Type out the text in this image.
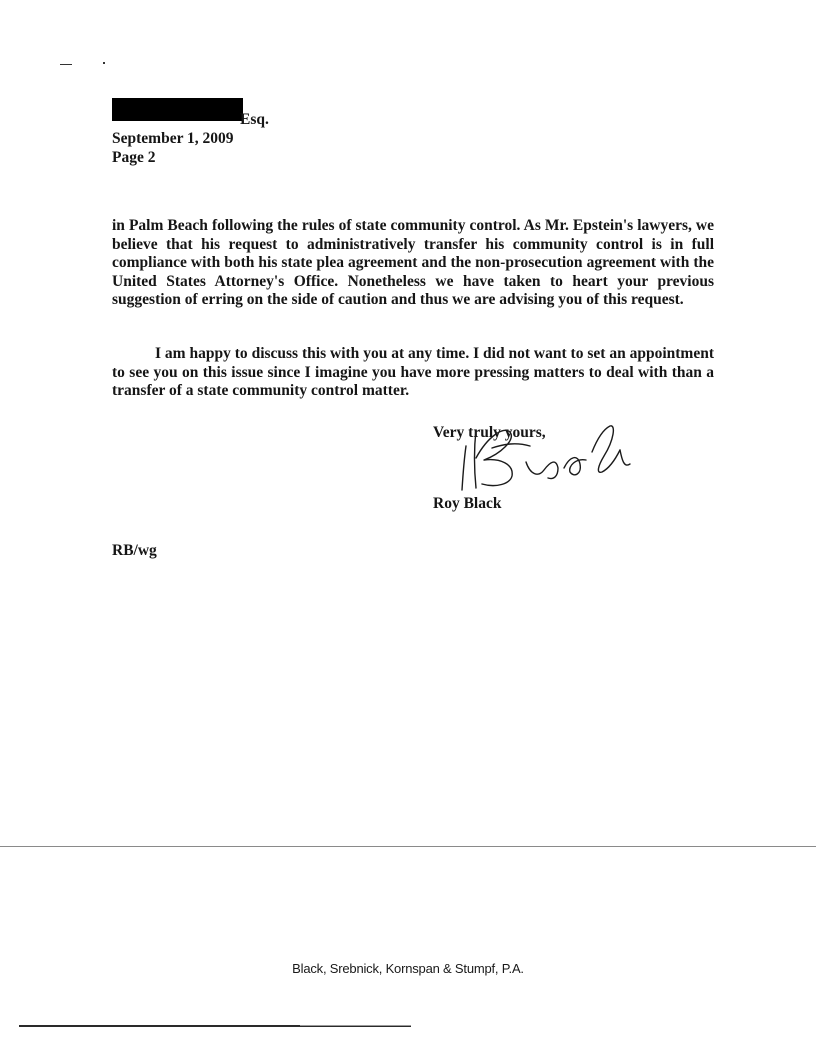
Esq.
September 1, 2009
Page 2

in Palm Beach following the rules of state community control. As Mr. Epstein's lawyers, we believe that his request to administratively transfer his community control is in full compliance with both his state plea agreement and the non-prosecution agreement with the United States Attorney's Office. Nonetheless we have taken to heart your previous suggestion of erring on the side of caution and thus we are advising you of this request.

I am happy to discuss this with you at any time. I did not want to set an appointment to see you on this issue since I imagine you have more pressing matters to deal with than a transfer of a state community control matter.

Very truly yours,
Roy Black
RB/wg
Black, Srebnick, Kornspan & Stumpf, P.A.
